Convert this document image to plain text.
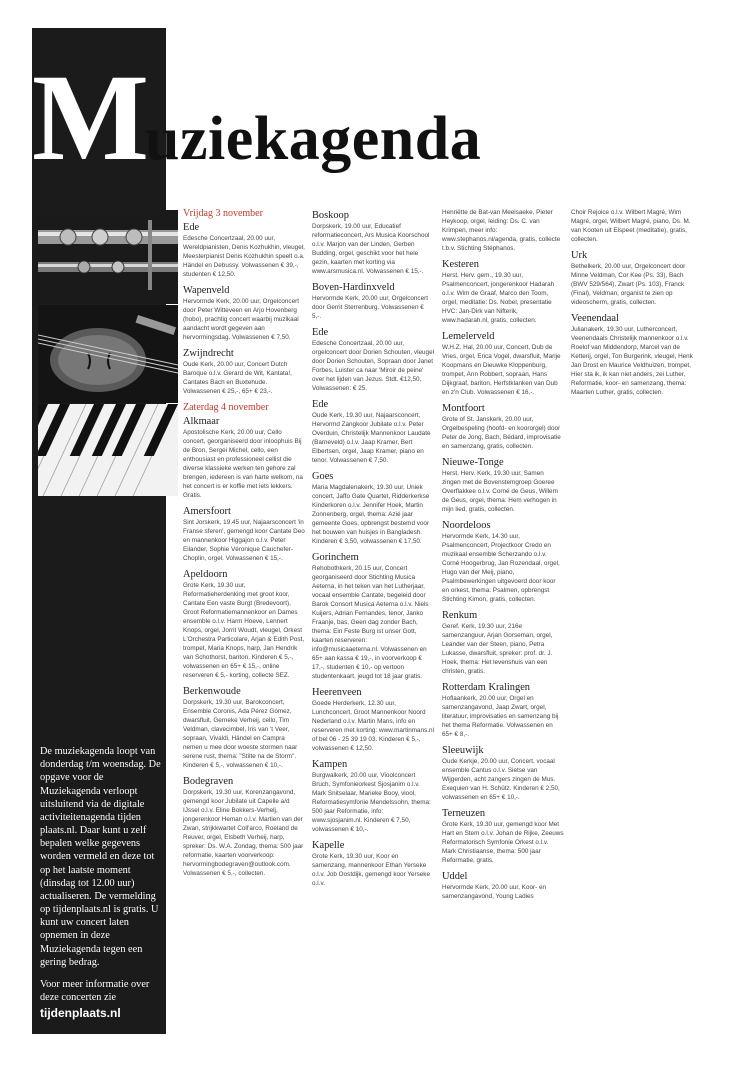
Muziekagenda

De muziekagenda loopt van donderdag t/m woensdag. De opgave voor de Muziekagenda verloopt uitsluitend via de digitale activiteitenagenda tijden plaats.nl. Daar kunt u zelf bepalen welke gegevens worden vermeld en deze tot op het laatste moment (dinsdag tot 12.00 uur) actualiseren. De vermelding op tijdenplaats.nl is gratis. U kunt uw concert laten opnemen in deze Muziekagenda tegen een gering bedrag.

Voor meer informatie over deze concerten zie
tijdenplaats.nl

Vrijdag 3 november
Ede
Edesche Concertzaal, 20.00 uur, Wereldpianisten, Denis Kozhukhin, vleugel, Meesterpianist Denis Kozhukhin speelt o.a. Händel en Debussy. Volwassenen € 39,-, studenten € 12,50.
Wapenveld
Hervormde Kerk, 20.00 uur, Orgelconcert door Peter Witteveen en Arjo Hovenberg (hobo), prachtig concert waarbij muzikaal aandacht wordt gegeven aan hervormingsdag. Volwassenen € 7,50.
Zwijndrecht
Oude Kerk, 20.00 uur, Concert Dutch Baroque o.l.v. Gerard de Wit, Kantata!, Cantates Bach en Buxtehude. Volwassenen € 25,-, 65+ € 23,-.
Zaterdag 4 november
Alkmaar
Apostolische Kerk, 20.00 uur, Cello concert, georganiseerd door inloophuis Bij de Bron, Sergei Michel, cello, een enthousiast en professioneel cellist die diverse klassieke werken ten gehore zal brengen, iedereen is van harte welkom, na het concert is er koffie met iets lekkers. Gratis.
Amersfoort
Sint Jorskerk, 19.45 uur, Najaarsconcert 'in Franse sferen', gemengd koor Cantate Deo en mannenkoor Higgajon o.l.v. Peter Eilander, Sophie Véronique Cauchefer-Choplin, orgel. Volwassenen € 15,-.
Apeldoorn
Grote Kerk, 19.30 uur, Reformatieherdenking met groot koor, Cantate Een vaste Burgt (Bredevoort), Groot Reformatiemannenkoor en Dames ensemble o.l.v. Harm Hoeve, Lennert Knops, orgel, Jorrit Woudt, vleugel, Orkest L'Orchestra Particolare, Arjan & Edith Post, trompet, Maria Knops, harp, Jan Hendrik van Schothorst, bariton. Kinderen € 5,-, volwassenen en 65+ € 15,-, online reserveren € 5,- korting, collecte SEZ.
Berkenwoude
Dorpskerk, 19.30 uur, Barokconcert, Ensemble Coronis, Ada Pérez Gómez, dwarsfluit, Gerneke Verheij, cello, Tim Veldman, clavecimbel, Iris van 't Veer, sopraan, Vivaldi, Händel en Campra nemen u mee door woeste stormen naar serene rust, thema: "Stilte na de Storm". Kinderen € 5,-, volwassenen € 10,-.
Bodegraven
Dorpskerk, 19.30 uur, Korenzangavond, gemengd koor Jubilate uit Capelle a/d IJssel o.l.v. Eline Bokkers-Verhelj, jongerenkoor Heman o.l.v. Martien van der Zwan, strijkkwartet Coll'arco, Roeland de Reuver, orgel, Elsbeth Verheij, harp, spreker: Ds. W.A. Zondag, thema: 500 jaar reformatie, kaarten voorverkoop: hervormingbodegraven@outlook.com. Volwassenen € 5,-, collecten.
Boskoop
Dorpskerk, 19.00 uur, Educatief reformatieconcert, Ars Musica Koorschool o.l.v. Marjon van der Linden, Gerben Budding, orgel, geschikt voor het hele gezin, kaarten met korting via www.arsmusica.nl. Volwassenen € 15,-.
Boven-Hardinxveld
Hervormde Kerk, 20.00 uur, Orgelconcert door Gerrit Sterrenburg. Volwassenen € 5,-.
Ede
Edesche Concertzaal, 20.00 uur, orgelconcert door Dorien Schouten, vleugel door Dorien Schouten, Sopraan door Janet Forbes, Luister ca naar 'Miroir de peine' over het lijden van Jezus. Stdt. €12,50, Volwassenen: € 25.
Ede
Oude Kerk, 19.30 uur, Najaarsconcert, Hervormd Zangkoor Jubilate o.l.v. Peter Overduin, Christelijk Mannenkoor Laudate (Barneveld) o.l.v. Jaap Kramer, Bert Elbertsen, orgel, Jaap Kramer, piano en tenor. Volwassenen € 7,50.
Goes
Maria Magdalenakerk, 19.30 uur, Uniek concert, Jaffo Gate Quartet, Ridderkerkse Kinderkoren o.l.v. Jennifer Hoek, Martin Zonnenberg, orgel, thema: Azié jaar gemeente Goes, opbrengst bestemd voor het bouwen van huisjes in Bangladesh. Kinderen € 3,50, volwassenen € 17,50.
Gorinchem
Rehobothkerk, 20.15 uur, Concert georganiseerd door Stichting Musica Aeterna, in het teken van het Lutherjaar, vocaal ensemble Cantate, begeleid door Barok Consort Musica Aeterna o.l.v. Niels Kuijers, Adrian Fernandes, tenor, Janko Fraanje, bas, Geen dag zonder Bach, thema: Ein Feste Burg ist unser Gott, kaarten reserveren: info@musicaaeterna.nl. Volwassenen en 65+ aan kassa € 19,-, in voorverkoop € 17,-, studenten € 10,- op vertoon studentenkaart, jeugd tot 18 jaar gratis.
Heerenveen
Goede Herderkerk, 12.30 uur, Lunchconcert, Groot Mannenkoor Noord Nederland o.l.v. Martin Mans, info en reserveren met korting: www.martinmans.nl of bel 06 - 25 39 19 03. Kinderen € 5,-, volwassenen € 12,50.
Kampen
Burgwalkerk, 20.00 uur, Vioolconcert Bruch, Symfonieorkest Sjosjanim o.l.v. Mark Snitselaar, Marieke Booy, viool, Reformatiesymfonie Mendelssohn, thema: 500 jaar Reformatie, info: www.sjosjanim.nl. Kinderen € 7,50, volwassenen € 10,-.
Kapelle
Grote Kerk, 19.30 uur, Koor en samenzang, mannenkoor Ethan Yerseke o.l.v. Job Oostdijk, gemengd koor Yerseke o.l.v.
Henriëtte de Bat-van Meelsaeke, Pieter Heykoop, orgel, leiding: Ds. C. van Krimpen, meer info: www.stephanos.nl/agenda, gratis, collecte t.b.v. Stichting Stéphanos.
Kesteren
Herst. Herv. gem., 19.30 uur, Psalmenconcert, jongerenkoor Hadarah o.l.v. Wim de Graaf, Marco den Toom, orgel, meditatie: Ds. Nobel, presentatie HVC: Jan-Dirk van Nifterik, www.hadarah.nl, gratis, collecten.
Lemelerveld
W.H.Z. Hal, 20.00 uur, Concert, Dub de Vries, orgel, Erica Vogel, dwarsfluit, Marije Koopmans en Dieuwke Kloppenburg, trompet, Ann Robbert, sopraan, Hans Dijkgraaf, bariton, Herfstklanken van Dub en z'n Club. Volwassenen € 16,-.
Montfoort
Grote of St. Janskerk, 20.00 uur, Orgelbespeling (hoofd- en koororgel) door Peter de Jong, Bach, Bédard, improvisatie en samenzang, gratis, collecten.
Nieuwe-Tonge
Herst. Herv. Kerk, 19.30 uur, Samen zingen met de Bovenstemgroep Goeree Overflakkee o.l.v. Corné de Geus, Willem de Geus, orgel, thema: Hem verhogen in mijn lied, gratis, collecten.
Noordeloos
Hervormde Kerk, 14.30 uur, Psalmenconcert, Projectkoor Credo en muzikaal ensemble Scherzando o.l.v. Corné Hoogerbrug, Jan Rozendaal, orgel, Hugo van der Meij, piano, Psalmbewerkingen uitgevoerd door koor en orkest, thema: Psalmen, opbrengst Stichting Kimon, gratis, collecten.
Renkum
Geref. Kerk, 19.30 uur, 216e samenzanguur, Arjan Gorseman, orgel, Leander van der Steen, piano, Petra Lukasse, dwarsfluit, spreker: prof. dr. J. Hoek, thema: Het levenshuis van een christen, gratis.
Rotterdam Kralingen
Hoflaankerk, 20.00 uur, Orgel en samenzangavond, Jaap Zwart, orgel, literatuur, improvisaties en samenzang bij het thema Reformatie. Volwassenen en 65+ € 8,-.
Sleeuwijk
Oude Kerkje, 20.00 uur, Concert, vocaal ensemble Cantus o.l.v. Sietse van Wijgerden, acht zangers zingen de Mus. Exequien van H. Schütz. Kinderen € 2,50, volwassenen en 65+ € 10,-.
Terneuzen
Grote Kerk, 19.30 uur, gemengd koor Met Hart en Stem o.l.v. Johan de Rijke, Zeeuws Reformatorisch Symfonie Orkest o.l.v. Mark Christiaanse, thema: 500 jaar Reformatie, gratis.
Uddel
Hervormde Kerk, 20.00 uur, Koor- en samenzangavond, Young Ladies
Choir Rejoice o.l.v. Wilbert Magré, Wim Magré, orgel, Wilbert Magré, piano, Ds. M. van Kooten uit Elspeet (meditatie), gratis, collecten.
Urk
Bethelkerk, 20.00 uur, Orgelconcert door Minne Veldman, Cor Kee (Ps. 33), Bach (BWV 529/564), Zwart (Ps. 103), Franck (Final), Veldman, organist te zien op videoscherm, gratis, collecten.
Veenendaal
Julianakerk, 19.30 uur, Lutherconcert, Veenendaals Christelijk mannenkoor o.l.v. Roelof van Middendorp, Marcel van de Ketterij, orgel, Ton Burgerink, vleugel, Henk Jan Drost en Maurice Veldhuizen, trompet, Hier sta ik, ik kan niet anders, zei Luther, Reformatie, koor- en samenzang, thema: Maarten Luther, gratis, collecten.
